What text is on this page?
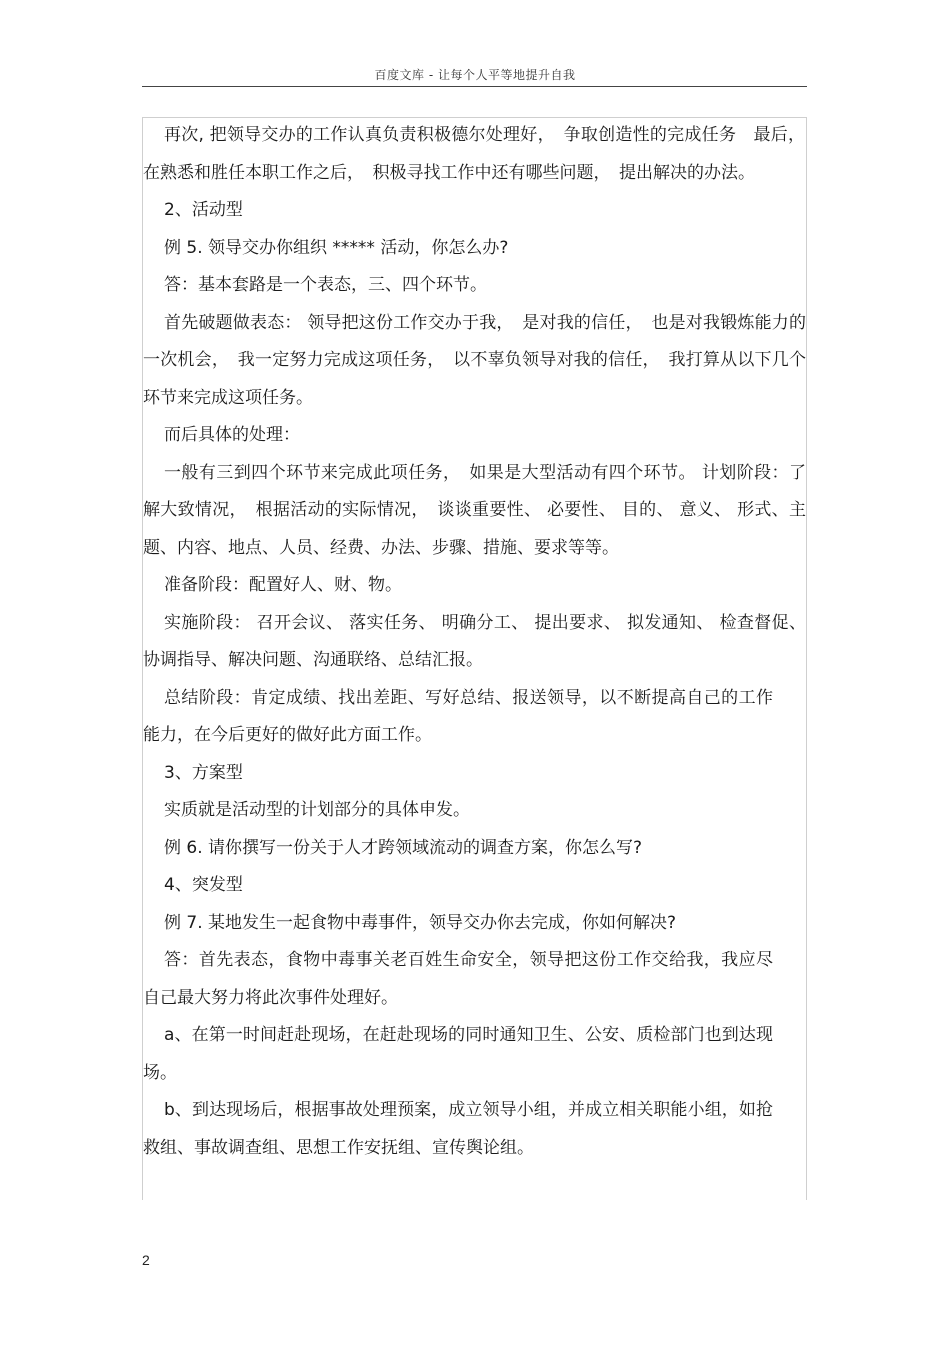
百度文库 - 让每个人平等地提升自我

再次, 把领导交办的工作认真负责积极德尔处理好，　争取创造性的完成任务　最后，在熟悉和胜任本职工作之后，　积极寻找工作中还有哪些问题，　提出解决的办法。

2、活动型

例 5. 领导交办你组织 ***** 活动，你怎么办?

答：基本套路是一个表态，三、四个环节。

首先破题做表态： 领导把这份工作交办于我，　是对我的信任，　也是对我锻炼能力的一次机会，　我一定努力完成这项任务，　以不辜负领导对我的信任，　我打算从以下几个环节来完成这项任务。

而后具体的处理：

一般有三到四个环节来完成此项任务，　如果是大型活动有四个环节。 计划阶段：了解大致情况，　根据活动的实际情况，　谈谈重要性、 必要性、 目的、 意义、 形式、主题、内容、地点、人员、经费、办法、步骤、措施、要求等等。

准备阶段：配置好人、财、物。

实施阶段： 召开会议、 落实任务、 明确分工、 提出要求、 拟发通知、 检查督促、协调指导、解决问题、沟通联络、总结汇报。

总结阶段：肯定成绩、找出差距、写好总结、报送领导，以不断提高自己的工作能力，在今后更好的做好此方面工作。

3、方案型

实质就是活动型的计划部分的具体申发。

例 6. 请你撰写一份关于人才跨领域流动的调查方案，你怎么写?

4、突发型

例 7. 某地发生一起食物中毒事件，领导交办你去完成，你如何解决?

答：首先表态，食物中毒事关老百姓生命安全，领导把这份工作交给我，我应尽自己最大努力将此次事件处理好。

a、在第一时间赶赴现场，在赶赴现场的同时通知卫生、公安、质检部门也到达现场。

b、到达现场后，根据事故处理预案，成立领导小组，并成立相关职能小组，如抢救组、事故调查组、思想工作安抚组、宣传舆论组。

2
